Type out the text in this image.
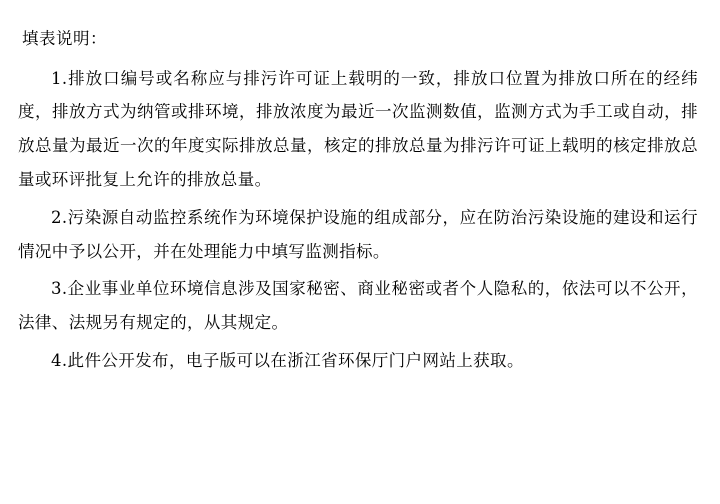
填表说明：

1.排放口编号或名称应与排污许可证上载明的一致，排放口位置为排放口所在的经纬度，排放方式为纳管或排环境，排放浓度为最近一次监测数值，监测方式为手工或自动，排放总量为最近一次的年度实际排放总量，核定的排放总量为排污许可证上载明的核定排放总量或环评批复上允许的排放总量。

2.污染源自动监控系统作为环境保护设施的组成部分，应在防治污染设施的建设和运行情况中予以公开，并在处理能力中填写监测指标。

3.企业事业单位环境信息涉及国家秘密、商业秘密或者个人隐私的，依法可以不公开，法律、法规另有规定的，从其规定。

4.此件公开发布，电子版可以在浙江省环保厅门户网站上获取。
